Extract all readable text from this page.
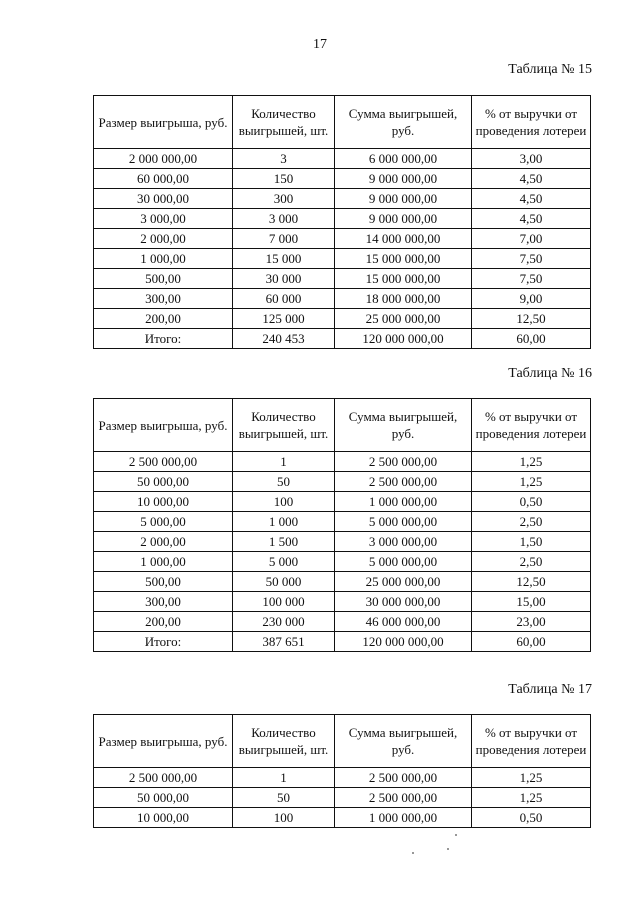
17
Таблица № 15
Размер выигрыша, руб.	Количество выигрышей, шт.	Сумма выигрышей, руб.	% от выручки от проведения лотереи
2 000 000,00	3	6 000 000,00	3,00
60 000,00	150	9 000 000,00	4,50
30 000,00	300	9 000 000,00	4,50
3 000,00	3 000	9 000 000,00	4,50
2 000,00	7 000	14 000 000,00	7,00
1 000,00	15 000	15 000 000,00	7,50
500,00	30 000	15 000 000,00	7,50
300,00	60 000	18 000 000,00	9,00
200,00	125 000	25 000 000,00	12,50
Итого:	240 453	120 000 000,00	60,00
Таблица № 16
Размер выигрыша, руб.	Количество выигрышей, шт.	Сумма выигрышей, руб.	% от выручки от проведения лотереи
2 500 000,00	1	2 500 000,00	1,25
50 000,00	50	2 500 000,00	1,25
10 000,00	100	1 000 000,00	0,50
5 000,00	1 000	5 000 000,00	2,50
2 000,00	1 500	3 000 000,00	1,50
1 000,00	5 000	5 000 000,00	2,50
500,00	50 000	25 000 000,00	12,50
300,00	100 000	30 000 000,00	15,00
200,00	230 000	46 000 000,00	23,00
Итого:	387 651	120 000 000,00	60,00
Таблица № 17
Размер выигрыша, руб.	Количество выигрышей, шт.	Сумма выигрышей, руб.	% от выручки от проведения лотереи
2 500 000,00	1	2 500 000,00	1,25
50 000,00	50	2 500 000,00	1,25
10 000,00	100	1 000 000,00	0,50
